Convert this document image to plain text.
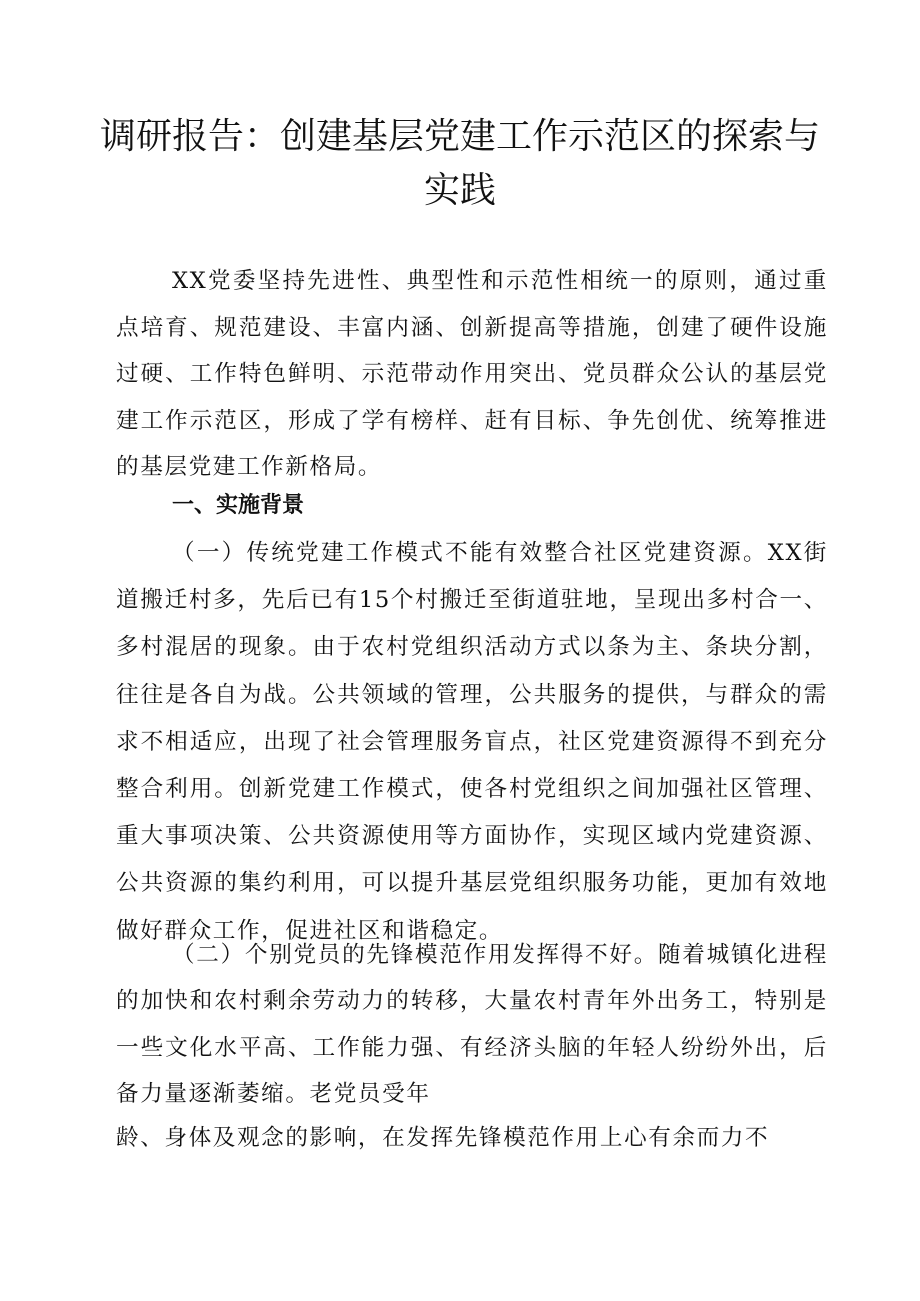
调研报告：创建基层党建工作示范区的探索与实践
XX党委坚持先进性、典型性和示范性相统一的原则，通过重点培育、规范建设、丰富内涵、创新提高等措施，创建了硬件设施过硬、工作特色鲜明、示范带动作用突出、党员群众公认的基层党建工作示范区，形成了学有榜样、赶有目标、争先创优、统筹推进的基层党建工作新格局。
一、实施背景
（一）传统党建工作模式不能有效整合社区党建资源。XX街道搬迁村多，先后已有15个村搬迁至街道驻地，呈现出多村合一、多村混居的现象。由于农村党组织活动方式以条为主、条块分割，往往是各自为战。公共领域的管理，公共服务的提供，与群众的需求不相适应，出现了社会管理服务盲点，社区党建资源得不到充分整合利用。创新党建工作模式，使各村党组织之间加强社区管理、重大事项决策、公共资源使用等方面协作，实现区域内党建资源、公共资源的集约利用，可以提升基层党组织服务功能，更加有效地做好群众工作，促进社区和谐稳定。
（二）个别党员的先锋模范作用发挥得不好。随着城镇化进程的加快和农村剩余劳动力的转移，大量农村青年外出务工，特别是一些文化水平高、工作能力强、有经济头脑的年轻人纷纷外出，后备力量逐渐萎缩。老党员受年
龄、身体及观念的影响，在发挥先锋模范作用上心有余而力不
